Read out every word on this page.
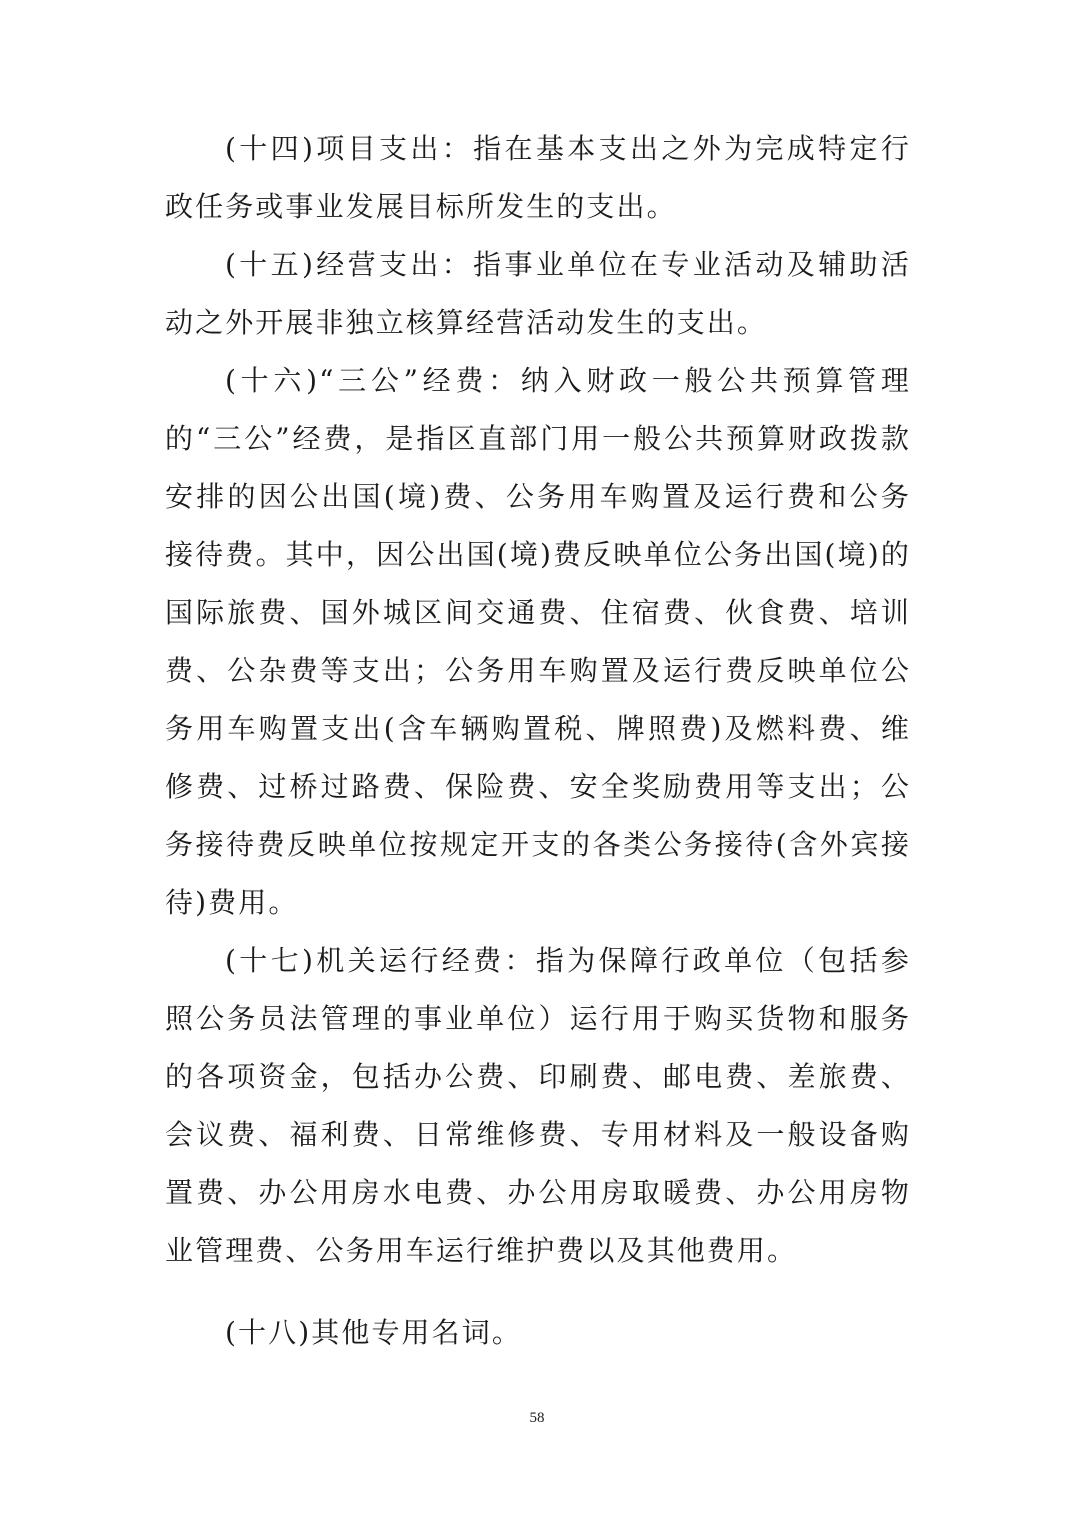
(十四)项目支出：指在基本支出之外为完成特定行政任务或事业发展目标所发生的支出。

(十五)经营支出：指事业单位在专业活动及辅助活动之外开展非独立核算经营活动发生的支出。

(十六)“三公”经费：纳入财政一般公共预算管理的“三公”经费，是指区直部门用一般公共预算财政拨款安排的因公出国(境)费、公务用车购置及运行费和公务接待费。其中，因公出国(境)费反映单位公务出国(境)的国际旅费、国外城区间交通费、住宿费、伙食费、培训费、公杂费等支出；公务用车购置及运行费反映单位公务用车购置支出(含车辆购置税、牌照费)及燃料费、维修费、过桥过路费、保险费、安全奖励费用等支出；公务接待费反映单位按规定开支的各类公务接待(含外宾接待)费用。

(十七)机关运行经费：指为保障行政单位（包括参照公务员法管理的事业单位）运行用于购买货物和服务的各项资金，包括办公费、印刷费、邮电费、差旅费、会议费、福利费、日常维修费、专用材料及一般设备购置费、办公用房水电费、办公用房取暖费、办公用房物业管理费、公务用车运行维护费以及其他费用。

(十八)其他专用名词。

58
